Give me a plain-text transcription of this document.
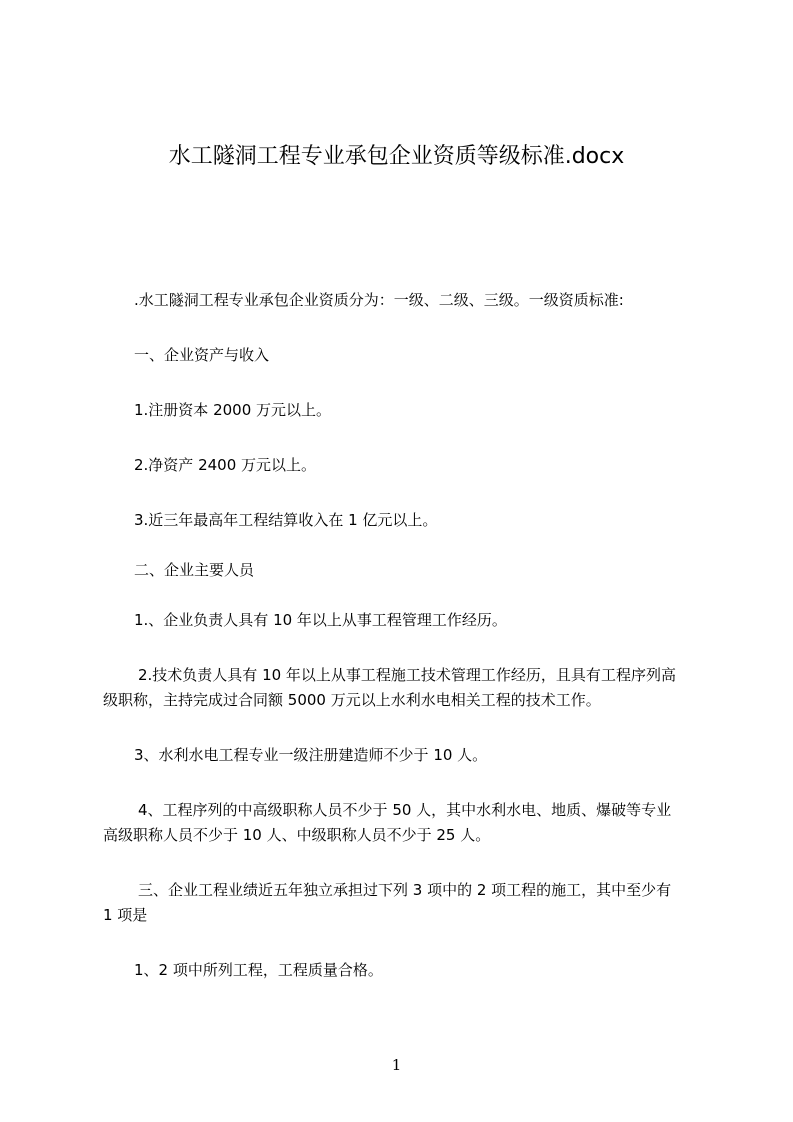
水工隧洞工程专业承包企业资质等级标准.docx

.水工隧洞工程专业承包企业资质分为：一级、二级、三级。一级资质标准:

一、企业资产与收入

1.注册资本 2000 万元以上。

2.净资产 2400 万元以上。

3.近三年最高年工程结算收入在 1 亿元以上。

二、企业主要人员

1.、企业负责人具有 10 年以上从事工程管理工作经历。

2.技术负责人具有 10 年以上从事工程施工技术管理工作经历，且具有工程序列高

级职称，主持完成过合同额 5000 万元以上水利水电相关工程的技术工作。

3、水利水电工程专业一级注册建造师不少于 10 人。

4、工程序列的中高级职称人员不少于 50 人，其中水利水电、地质、爆破等专业

高级职称人员不少于 10 人、中级职称人员不少于 25 人。

三、企业工程业绩近五年独立承担过下列 3 项中的 2 项工程的施工，其中至少有

1 项是

1、2 项中所列工程，工程质量合格。

1
